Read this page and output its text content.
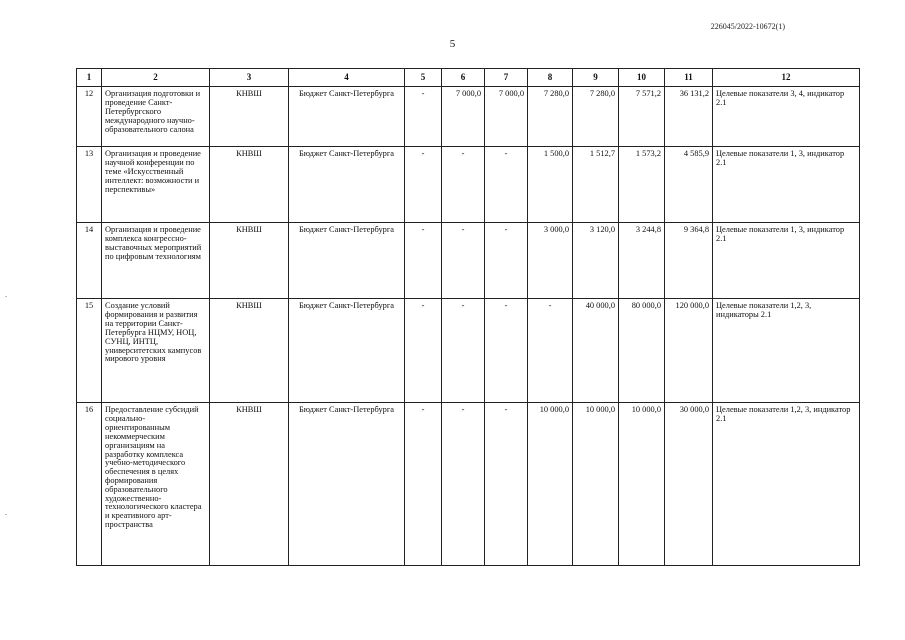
226045/2022-10672(1)
5
1	2	3	4	5	6	7	8	9	10	11	12
12	Организация подготовки и проведение Санкт-Петербургского международного научно-образовательного салона	КНВШ	Бюджет Санкт-Петербурга	-	7 000,0	7 000,0	7 280,0	7 280,0	7 571,2	36 131,2	Целевые показатели 3, 4, индикатор 2.1
13	Организация и проведение научной конференции по теме «Искусственный интеллект: возможности и перспективы»	КНВШ	Бюджет Санкт-Петербурга	-	-	-	1 500,0	1 512,7	1 573,2	4 585,9	Целевые показатели 1, 3, индикатор 2.1
14	Организация и проведение комплекса конгрессно-выставочных мероприятий по цифровым технологиям	КНВШ	Бюджет Санкт-Петербурга	-	-	-	3 000,0	3 120,0	3 244,8	9 364,8	Целевые показатели 1, 3, индикатор 2.1
15	Создание условий формирования и развития на территории Санкт-Петербурга НЦМУ, НОЦ, СУНЦ, ИНТЦ, университетских кампусов мирового уровня	КНВШ	Бюджет Санкт-Петербурга	-	-	-	-	40 000,0	80 000,0	120 000,0	Целевые показатели 1,2, 3, индикаторы 2.1
16	Предоставление субсидий социально-ориентированным некоммерческим организациям на разработку комплекса учебно-методического обеспечения в целях формирования образовательного художественно-технологического кластера и креативного арт-пространства	КНВШ	Бюджет Санкт-Петербурга	-	-	-	10 000,0	10 000,0	10 000,0	30 000,0	Целевые показатели 1,2, 3, индикатор 2.1
